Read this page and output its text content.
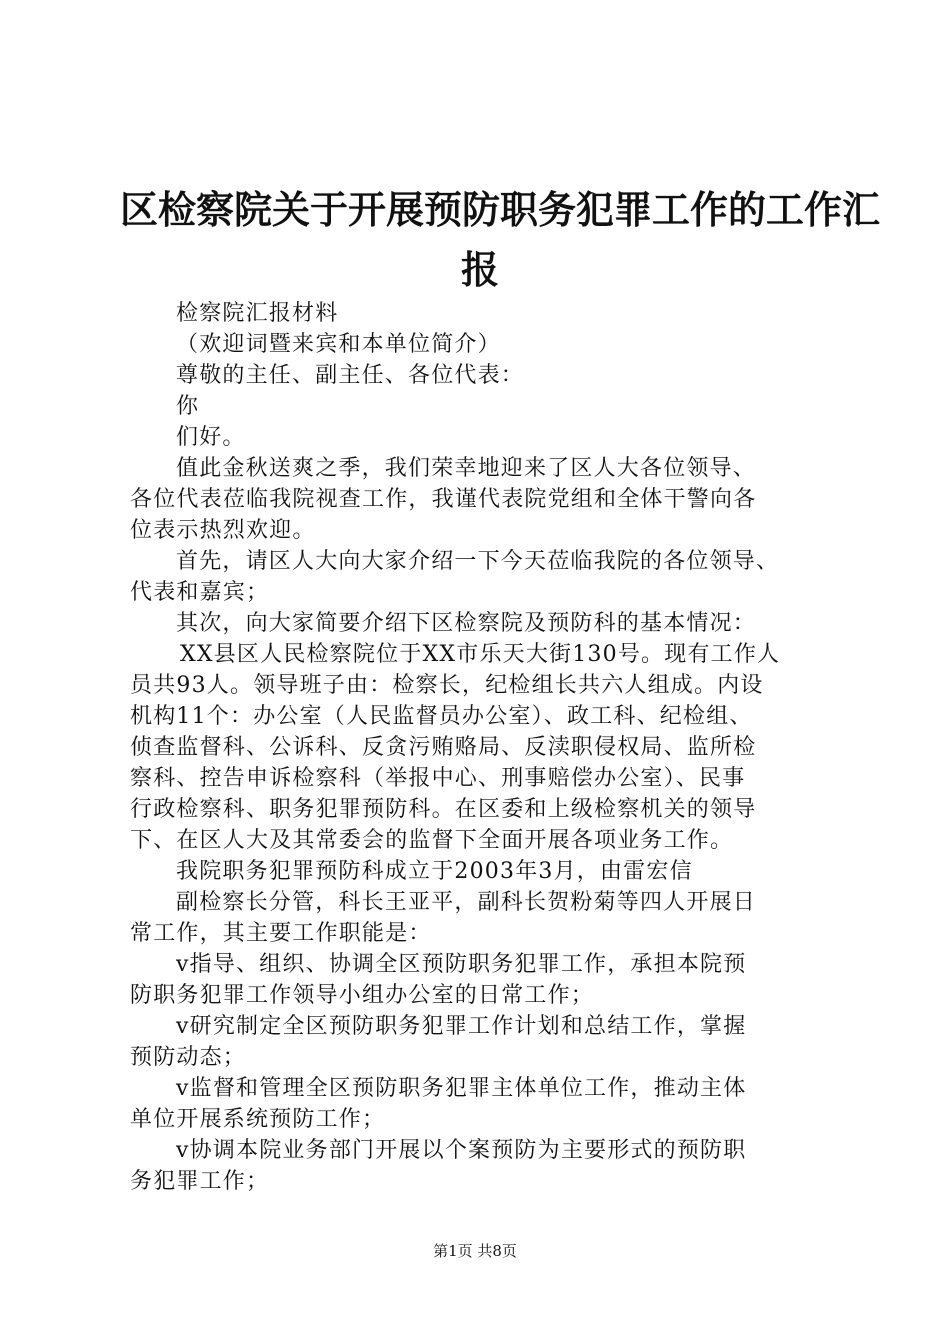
区检察院关于开展预防职务犯罪工作的工作汇
报
检察院汇报材料
（欢迎词暨来宾和本单位简介）
尊敬的主任、副主任、各位代表：
你
们好。
值此金秋送爽之季，我们荣幸地迎来了区人大各位领导、
各位代表莅临我院视查工作，我谨代表院党组和全体干警向各
位表示热烈欢迎。
首先，请区人大向大家介绍一下今天莅临我院的各位领导、
代表和嘉宾；
其次，向大家简要介绍下区检察院及预防科的基本情况：
XX县区人民检察院位于XX市乐天大街130号。现有工作人
员共93人。领导班子由：检察长，纪检组长共六人组成。内设
机构11个：办公室（人民监督员办公室）、政工科、纪检组、
侦查监督科、公诉科、反贪污贿赂局、反渎职侵权局、监所检
察科、控告申诉检察科（举报中心、刑事赔偿办公室）、民事
行政检察科、职务犯罪预防科。在区委和上级检察机关的领导
下、在区人大及其常委会的监督下全面开展各项业务工作。
我院职务犯罪预防科成立于2003年3月，由雷宏信
副检察长分管，科长王亚平，副科长贺粉菊等四人开展日
常工作，其主要工作职能是：
v指导、组织、协调全区预防职务犯罪工作，承担本院预
防职务犯罪工作领导小组办公室的日常工作；
v研究制定全区预防职务犯罪工作计划和总结工作，掌握
预防动态；
v监督和管理全区预防职务犯罪主体单位工作，推动主体
单位开展系统预防工作；
v协调本院业务部门开展以个案预防为主要形式的预防职
务犯罪工作；
第1页 共8页
